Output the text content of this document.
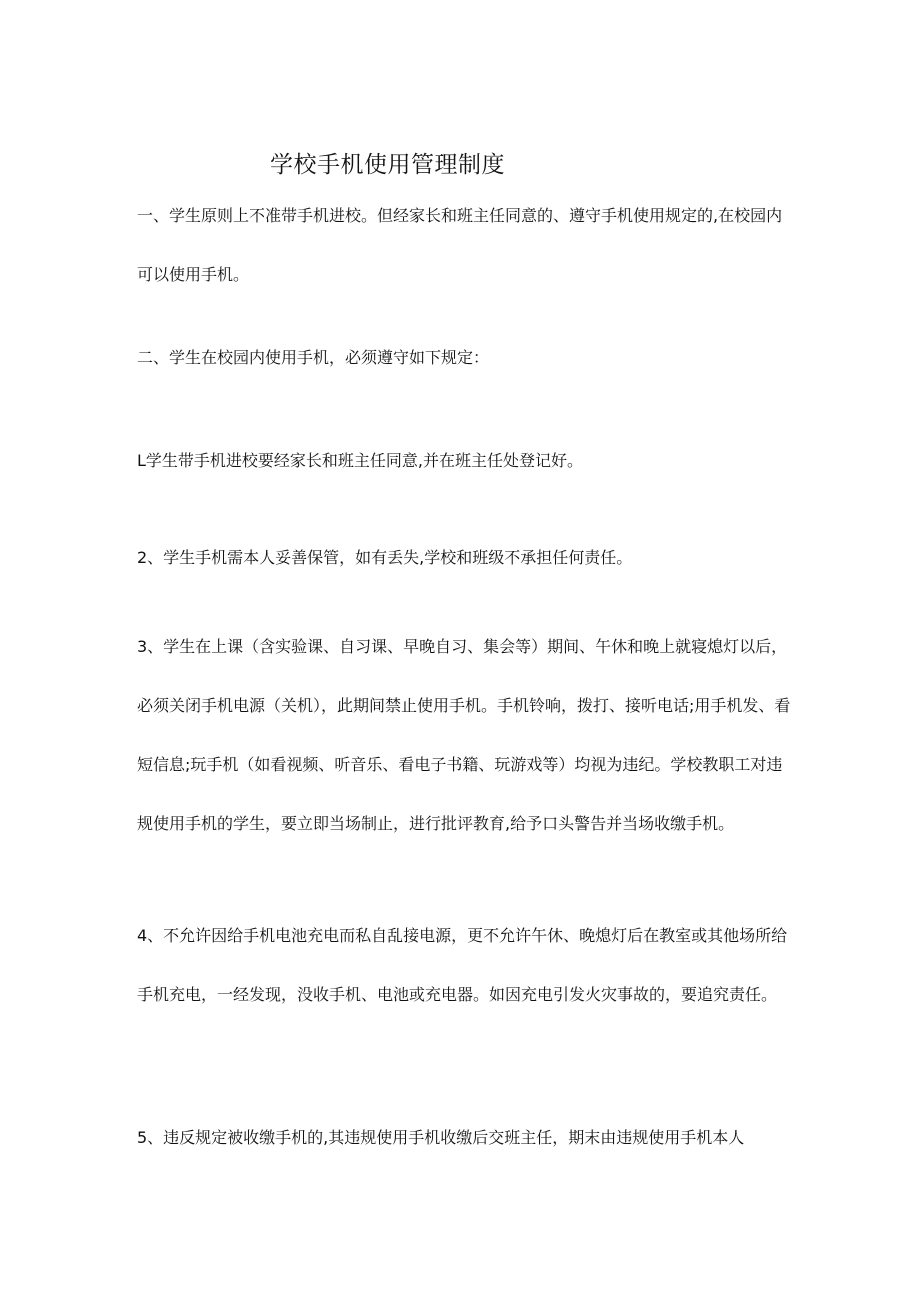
学校手机使用管理制度

一、学生原则上不准带手机进校。但经家长和班主任同意的、遵守手机使用规定的,在校园内可以使用手机。

二、学生在校园内使用手机，必须遵守如下规定：

L学生带手机进校要经家长和班主任同意,并在班主任处登记好。

2、学生手机需本人妥善保管，如有丢失,学校和班级不承担任何责任。

3、学生在上课（含实验课、自习课、早晚自习、集会等）期间、午休和晚上就寝熄灯以后，必须关闭手机电源（关机），此期间禁止使用手机。手机铃响，拨打、接听电话;用手机发、看短信息;玩手机（如看视频、听音乐、看电子书籍、玩游戏等）均视为违纪。学校教职工对违规使用手机的学生，要立即当场制止，进行批评教育,给予口头警告并当场收缴手机。

4、不允许因给手机电池充电而私自乱接电源，更不允许午休、晚熄灯后在教室或其他场所给手机充电，一经发现，没收手机、电池或充电器。如因充电引发火灾事故的，要追究责任。

5、违反规定被收缴手机的,其违规使用手机收缴后交班主任，期末由违规使用手机本人
